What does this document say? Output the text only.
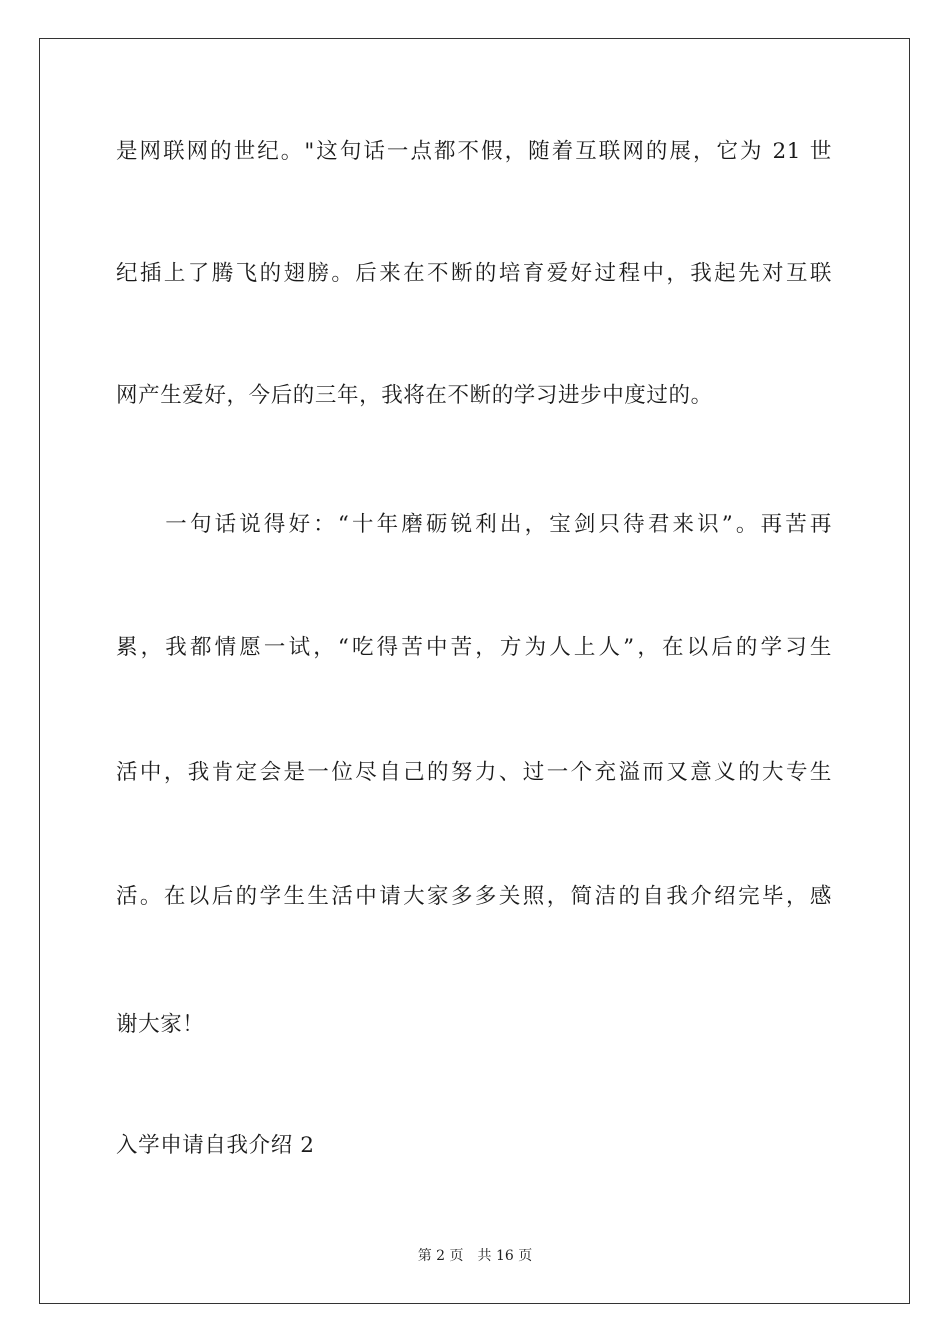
是网联网的世纪。"这句话一点都不假，随着互联网的展，它为 21 世
纪插上了腾飞的翅膀。后来在不断的培育爱好过程中，我起先对互联
网产生爱好，今后的三年，我将在不断的学习进步中度过的。
　　一句话说得好：“十年磨砺锐利出，宝剑只待君来识”。再苦再
累，我都情愿一试，“吃得苦中苦，方为人上人”，在以后的学习生
活中，我肯定会是一位尽自己的努力、过一个充溢而又意义的大专生
活。在以后的学生生活中请大家多多关照，简洁的自我介绍完毕，感
谢大家！
入学申请自我介绍 2
第 2 页 共 16 页
